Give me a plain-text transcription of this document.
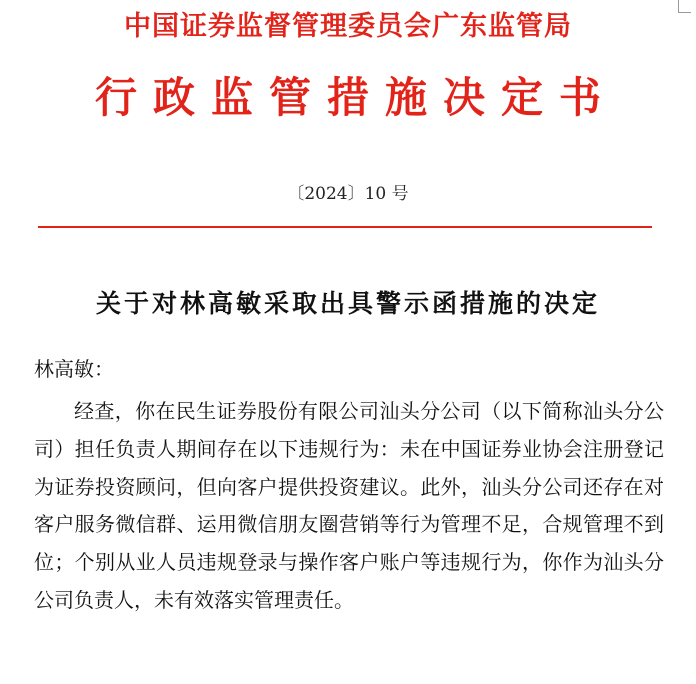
中国证券监督管理委员会广东监管局
行政监管措施决定书
〔2024〕10 号
关于对林高敏采取出具警示函措施的决定
林高敏：

经查，你在民生证券股份有限公司汕头分公司（以下简称汕头分公司）担任负责人期间存在以下违规行为：未在中国证券业协会注册登记为证券投资顾问，但向客户提供投资建议。此外，汕头分公司还存在对客户服务微信群、运用微信朋友圈营销等行为管理不足，合规管理不到位；个别从业人员违规登录与操作客户账户等违规行为，你作为汕头分公司负责人，未有效落实管理责任。
